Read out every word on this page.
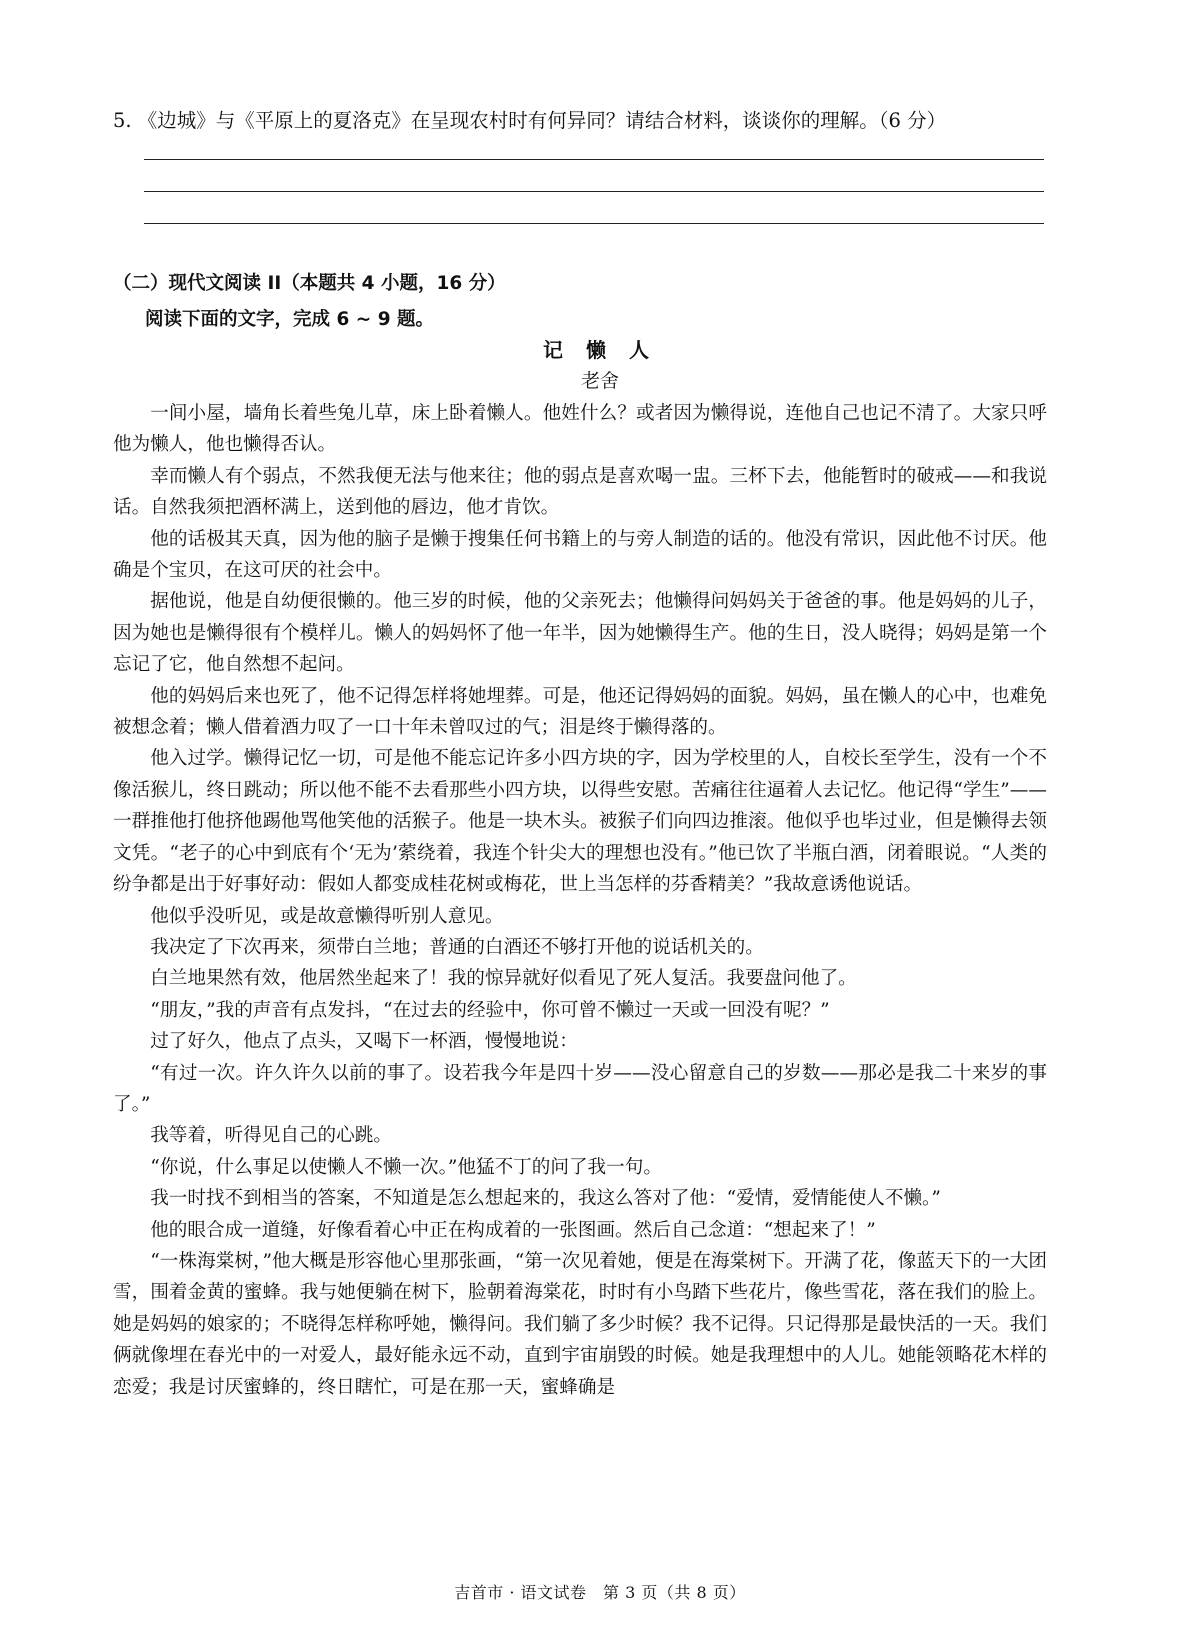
5. 《边城》与《平原上的夏洛克》在呈现农村时有何异同？请结合材料，谈谈你的理解。（6 分）
（二）现代文阅读 II（本题共 4 小题，16 分）
阅读下面的文字，完成 6 ~ 9 题。
记 懒 人
老舍

一间小屋，墙角长着些兔儿草，床上卧着懒人。他姓什么？或者因为懒得说，连他自己也记不清了。大家只呼他为懒人，他也懒得否认。

幸而懒人有个弱点，不然我便无法与他来往；他的弱点是喜欢喝一盅。三杯下去，他能暂时的破戒——和我说话。自然我须把酒杯满上，送到他的唇边，他才肯饮。

他的话极其天真，因为他的脑子是懒于搜集任何书籍上的与旁人制造的话的。他没有常识，因此他不讨厌。他确是个宝贝，在这可厌的社会中。

据他说，他是自幼便很懒的。他三岁的时候，他的父亲死去；他懒得问妈妈关于爸爸的事。他是妈妈的儿子，因为她也是懒得很有个模样儿。懒人的妈妈怀了他一年半，因为她懒得生产。他的生日，没人晓得；妈妈是第一个忘记了它，他自然想不起问。

他的妈妈后来也死了，他不记得怎样将她埋葬。可是，他还记得妈妈的面貌。妈妈，虽在懒人的心中，也难免被想念着；懒人借着酒力叹了一口十年未曾叹过的气；泪是终于懒得落的。

他入过学。懒得记忆一切，可是他不能忘记许多小四方块的字，因为学校里的人，自校长至学生，没有一个不像活猴儿，终日跳动；所以他不能不去看那些小四方块，以得些安慰。苦痛往往逼着人去记忆。他记得“学生”——一群推他打他挤他踢他骂他笑他的活猴子。他是一块木头。被猴子们向四边推滚。他似乎也毕过业，但是懒得去领文凭。“老子的心中到底有个‘无为’萦绕着，我连个针尖大的理想也没有。”他已饮了半瓶白酒，闭着眼说。“人类的纷争都是出于好事好动：假如人都变成桂花树或梅花，世上当怎样的芬香精美？”我故意诱他说话。

他似乎没听见，或是故意懒得听别人意见。

我决定了下次再来，须带白兰地；普通的白酒还不够打开他的说话机关的。

白兰地果然有效，他居然坐起来了！我的惊异就好似看见了死人复活。我要盘问他了。

“朋友，”我的声音有点发抖，“在过去的经验中，你可曾不懒过一天或一回没有呢？”

过了好久，他点了点头，又喝下一杯酒，慢慢地说：

“有过一次。许久许久以前的事了。设若我今年是四十岁——没心留意自己的岁数——那必是我二十来岁的事了。”

我等着，听得见自己的心跳。

“你说，什么事足以使懒人不懒一次。”他猛不丁的问了我一句。

我一时找不到相当的答案，不知道是怎么想起来的，我这么答对了他：“爱情，爱情能使人不懒。”

他的眼合成一道缝，好像看着心中正在构成着的一张图画。然后自己念道：“想起来了！”

“一株海棠树，”他大概是形容他心里那张画，“第一次见着她，便是在海棠树下。开满了花，像蓝天下的一大团雪，围着金黄的蜜蜂。我与她便躺在树下，脸朝着海棠花，时时有小鸟踏下些花片，像些雪花，落在我们的脸上。她是妈妈的娘家的；不晓得怎样称呼她，懒得问。我们躺了多少时候？我不记得。只记得那是最快活的一天。我们俩就像埋在春光中的一对爱人，最好能永远不动，直到宇宙崩毁的时候。她是我理想中的人儿。她能领略花木样的恋爱；我是讨厌蜜蜂的，终日瞎忙，可是在那一天，蜜蜂确是

吉首市 · 语文试卷　第 3 页（共 8 页）
